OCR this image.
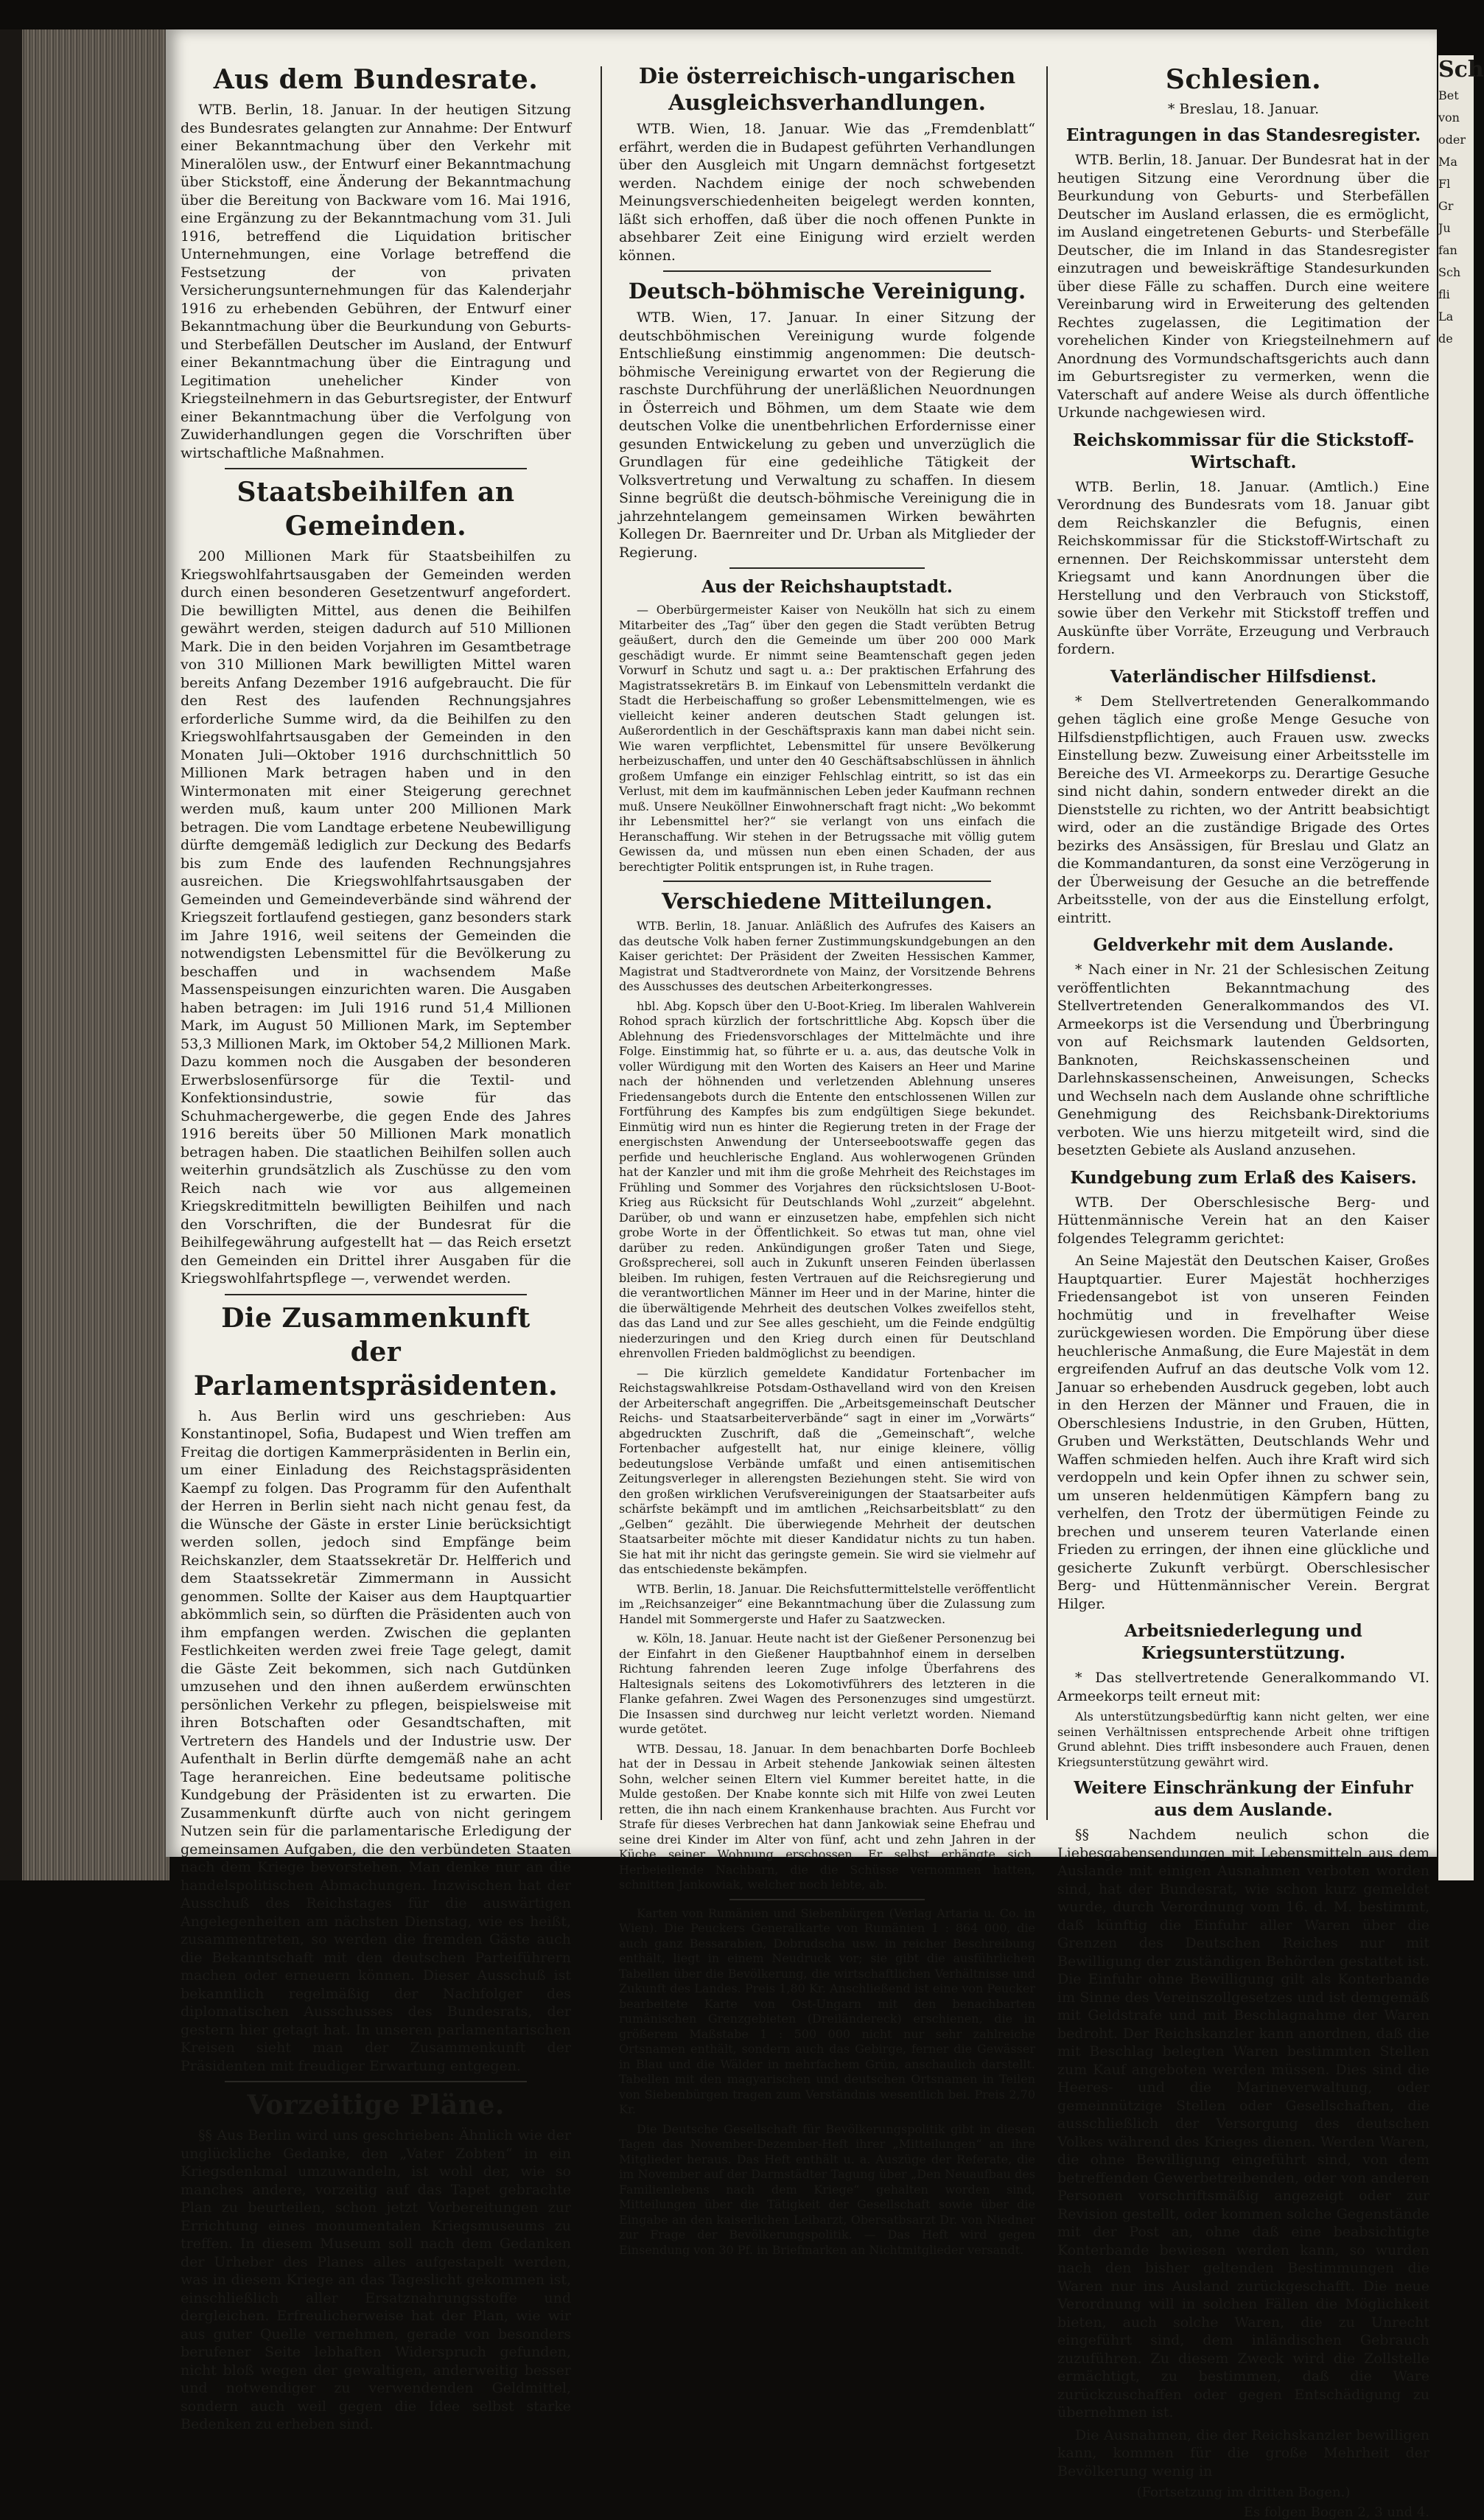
Sch
Bet
von
oder
Ma
Fl
Gr
Ju
fan
Sch
fli
La
de
Aus dem Bundesrate.

WTB. Berlin, 18. Januar. In der heutigen Sitzung des Bundesrates gelangten zur Annahme: Der Entwurf einer Bekanntmachung über den Verkehr mit Mineralölen usw., der Entwurf einer Bekanntmachung über Stickstoff, eine Änderung der Bekanntmachung über die Bereitung von Backware vom 16. Mai 1916, eine Ergänzung zu der Bekanntmachung vom 31. Juli 1916, betreffend die Liquidation britischer Unternehmungen, eine Vorlage betreffend die Festsetzung der von privaten Versicherungsunternehmungen für das Kalenderjahr 1916 zu erhebenden Gebühren, der Entwurf einer Bekanntmachung über die Beurkundung von Geburts- und Sterbefällen Deutscher im Ausland, der Entwurf einer Bekanntmachung über die Eintragung und Legitimation unehelicher Kinder von Kriegsteilnehmern in das Geburtsregister, der Entwurf einer Bekanntmachung über die Verfolgung von Zuwiderhandlungen gegen die Vorschriften über wirtschaftliche Maßnahmen.

Staatsbeihilfen an Gemeinden.

200 Millionen Mark für Staatsbeihilfen zu Kriegswohlfahrtsausgaben der Gemeinden werden durch einen besonderen Gesetzentwurf angefordert. Die bewilligten Mittel, aus denen die Beihilfen gewährt werden, steigen dadurch auf 510 Millionen Mark. Die in den beiden Vorjahren im Gesamtbetrage von 310 Millionen Mark bewilligten Mittel waren bereits Anfang Dezember 1916 aufgebraucht. Die für den Rest des laufenden Rechnungsjahres erforderliche Summe wird, da die Beihilfen zu den Kriegswohlfahrtsausgaben der Gemeinden in den Monaten Juli—Oktober 1916 durchschnittlich 50 Millionen Mark betragen haben und in den Wintermonaten mit einer Steigerung gerechnet werden muß, kaum unter 200 Millionen Mark betragen. Die vom Landtage erbetene Neubewilligung dürfte demgemäß lediglich zur Deckung des Bedarfs bis zum Ende des laufenden Rechnungsjahres ausreichen. Die Kriegswohlfahrtsausgaben der Gemeinden und Gemeindeverbände sind während der Kriegszeit fortlaufend gestiegen, ganz besonders stark im Jahre 1916, weil seitens der Gemeinden die notwendigsten Lebensmittel für die Bevölkerung zu beschaffen und in wachsendem Maße Massenspeisungen einzurichten waren. Die Ausgaben haben betragen: im Juli 1916 rund 51,4 Millionen Mark, im August 50 Millionen Mark, im September 53,3 Millionen Mark, im Oktober 54,2 Millionen Mark. Dazu kommen noch die Ausgaben der besonderen Erwerbslosenfürsorge für die Textil- und Konfektionsindustrie, sowie für das Schuhmachergewerbe, die gegen Ende des Jahres 1916 bereits über 50 Millionen Mark monatlich betragen haben. Die staatlichen Beihilfen sollen auch weiterhin grundsätzlich als Zuschüsse zu den vom Reich nach wie vor aus allgemeinen Kriegskreditmitteln bewilligten Beihilfen und nach den Vorschriften, die der Bundesrat für die Beihilfegewährung aufgestellt hat — das Reich ersetzt den Gemeinden ein Drittel ihrer Ausgaben für die Kriegswohlfahrtspflege —, verwendet werden.

Die Zusammenkunft
der Parlamentspräsidenten.

h. Aus Berlin wird uns geschrieben: Aus Konstantinopel, Sofia, Budapest und Wien treffen am Freitag die dortigen Kammerpräsidenten in Berlin ein, um einer Einladung des Reichstagspräsidenten Kaempf zu folgen. Das Programm für den Aufenthalt der Herren in Berlin sieht nach nicht genau fest, da die Wünsche der Gäste in erster Linie berücksichtigt werden sollen, jedoch sind Empfänge beim Reichskanzler, dem Staatssekretär Dr. Helfferich und dem Staatssekretär Zimmermann in Aussicht genommen. Sollte der Kaiser aus dem Hauptquartier abkömmlich sein, so dürften die Präsidenten auch von ihm empfangen werden. Zwischen die geplanten Festlichkeiten werden zwei freie Tage gelegt, damit die Gäste Zeit bekommen, sich nach Gutdünken umzusehen und den ihnen außerdem erwünschten persönlichen Verkehr zu pflegen, beispielsweise mit ihren Botschaften oder Gesandtschaften, mit Vertretern des Handels und der Industrie usw. Der Aufenthalt in Berlin dürfte demgemäß nahe an acht Tage heranreichen. Eine bedeutsame politische Kundgebung der Präsidenten ist zu erwarten. Die Zusammenkunft dürfte auch von nicht geringem Nutzen sein für die parlamentarische Erledigung der gemeinsamen Aufgaben, die den verbündeten Staaten nach dem Kriege bevorstehen. Man denke nur an die handelspolitischen Abmachungen. Inzwischen hat der Ausschuß des Reichstages für die auswärtigen Angelegenheiten am nächsten Dienstag, wie es heißt, zusammentreten, so werden die fremden Gäste auch die Bekanntschaft mit den deutschen Parteiführern machen oder erneuern können. Dieser Ausschuß ist bekanntlich regelmäßig der Nachfolger des diplomatischen Ausschusses des Bundesrats, der gestern hier getagt hat. In unseren parlamentarischen Kreisen sieht man der Zusammenkunft der Präsidenten mit freudiger Erwartung entgegen.

Vorzeitige Pläne.

§§ Aus Berlin wird uns geschrieben: Ähnlich wie der unglückliche Gedanke, den „Vater Zobten“ in ein Kriegsdenkmal umzuwandeln, ist wohl der, wie so manches andere, vorzeitig auf das Tapet gebrachte Plan zu beurteilen, schon jetzt Vorbereitungen zur Errichtung eines monumentalen Kriegsmuseums zu treffen. In diesem Museum soll nach dem Gedanken der Urheber des Planes alles aufgestapelt werden, was in diesem Kriege an das Tageslicht gekommen ist, einschließlich aller Ersatznahrungsstoffe und dergleichen. Erfreulicherweise hat der Plan, wie wir aus guter Quelle vernehmen, gerade von besonders berufener Seite lebhaften Widerspruch gefunden, nicht bloß wegen der gewaltigen, anderweitig besser und notwendiger zu verwendenden Geldmittel, sondern auch weil gegen die Idee selbst starke Bedenken zu erheben sind.

Die österreichisch-ungarischen
Ausgleichsverhandlungen.

WTB. Wien, 18. Januar. Wie das „Fremdenblatt“ erfährt, werden die in Budapest geführten Verhandlungen über den Ausgleich mit Ungarn demnächst fortgesetzt werden. Nachdem einige der noch schwebenden Meinungsverschiedenheiten beigelegt werden konnten, läßt sich erhoffen, daß über die noch offenen Punkte in absehbarer Zeit eine Einigung wird erzielt werden können.

Deutsch-böhmische Vereinigung.

WTB. Wien, 17. Januar. In einer Sitzung der deutschböhmischen Vereinigung wurde folgende Entschließung einstimmig angenommen: Die deutsch-böhmische Vereinigung erwartet von der Regierung die raschste Durchführung der unerläßlichen Neuordnungen in Österreich und Böhmen, um dem Staate wie dem deutschen Volke die unentbehrlichen Erfordernisse einer gesunden Entwickelung zu geben und unverzüglich die Grundlagen für eine gedeihliche Tätigkeit der Volksvertretung und Verwaltung zu schaffen. In diesem Sinne begrüßt die deutsch-böhmische Vereinigung die in jahrzehntelangem gemeinsamen Wirken bewährten Kollegen Dr. Baernreiter und Dr. Urban als Mitglieder der Regierung.

Aus der Reichshauptstadt.

— Oberbürgermeister Kaiser von Neukölln hat sich zu einem Mitarbeiter des „Tag“ über den gegen die Stadt verübten Betrug geäußert, durch den die Gemeinde um über 200 000 Mark geschädigt wurde. Er nimmt seine Beamtenschaft gegen jeden Vorwurf in Schutz und sagt u. a.: Der praktischen Erfahrung des Magistratssekretärs B. im Einkauf von Lebensmitteln verdankt die Stadt die Herbeischaffung so großer Lebensmittelmengen, wie es vielleicht keiner anderen deutschen Stadt gelungen ist. Außerordentlich in der Geschäftspraxis kann man dabei nicht sein. Wie waren verpflichtet, Lebensmittel für unsere Bevölkerung herbeizuschaffen, und unter den 40 Geschäftsabschlüssen in ähnlich großem Umfange ein einziger Fehlschlag eintritt, so ist das ein Verlust, mit dem im kaufmännischen Leben jeder Kaufmann rechnen muß. Unsere Neuköllner Einwohnerschaft fragt nicht: „Wo bekommt ihr Lebensmittel her?“ sie verlangt von uns einfach die Heranschaffung. Wir stehen in der Betrugssache mit völlig gutem Gewissen da, und müssen nun eben einen Schaden, der aus berechtigter Politik entsprungen ist, in Ruhe tragen.

Verschiedene Mitteilungen.

WTB. Berlin, 18. Januar. Anläßlich des Aufrufes des Kaisers an das deutsche Volk haben ferner Zustimmungskundgebungen an den Kaiser gerichtet: Der Präsident der Zweiten Hessischen Kammer, Magistrat und Stadtverordnete von Mainz, der Vorsitzende Behrens des Ausschusses des deutschen Arbeiterkongresses.

hbl. Abg. Kopsch über den U-Boot-Krieg. Im liberalen Wahlverein Rohod sprach kürzlich der fortschrittliche Abg. Kopsch über die Ablehnung des Friedensvorschlages der Mittelmächte und ihre Folge. Einstimmig hat, so führte er u. a. aus, das deutsche Volk in voller Würdigung mit den Worten des Kaisers an Heer und Marine nach der höhnenden und verletzenden Ablehnung unseres Friedensangebots durch die Entente den entschlossenen Willen zur Fortführung des Kampfes bis zum endgültigen Siege bekundet. Einmütig wird nun es hinter die Regierung treten in der Frage der energischsten Anwendung der Unterseebootswaffe gegen das perfide und heuchlerische England. Aus wohlerwogenen Gründen hat der Kanzler und mit ihm die große Mehrheit des Reichstages im Frühling und Sommer des Vorjahres den rücksichtslosen U-Boot-Krieg aus Rücksicht für Deutschlands Wohl „zurzeit“ abgelehnt. Darüber, ob und wann er einzusetzen habe, empfehlen sich nicht grobe Worte in der Öffentlichkeit. So etwas tut man, ohne viel darüber zu reden. Ankündigungen großer Taten und Siege, Großsprecherei, soll auch in Zukunft unseren Feinden überlassen bleiben. Im ruhigen, festen Vertrauen auf die Reichsregierung und die verantwortlichen Männer im Heer und in der Marine, hinter die die überwältigende Mehrheit des deutschen Volkes zweifellos steht, das das Land und zur See alles geschieht, um die Feinde endgültig niederzuringen und den Krieg durch einen für Deutschland ehrenvollen Frieden baldmöglichst zu beendigen.

— Die kürzlich gemeldete Kandidatur Fortenbacher im Reichstagswahlkreise Potsdam-Osthavelland wird von den Kreisen der Arbeiterschaft angegriffen. Die „Arbeitsgemeinschaft Deutscher Reichs- und Staatsarbeiterverbände“ sagt in einer im „Vorwärts“ abgedruckten Zuschrift, daß die „Gemeinschaft“, welche Fortenbacher aufgestellt hat, nur einige kleinere, völlig bedeutungslose Verbände umfaßt und einen antisemitischen Zeitungsverleger in allerengsten Beziehungen steht. Sie wird von den großen wirklichen Verufsvereinigungen der Staatsarbeiter aufs schärfste bekämpft und im amtlichen „Reichsarbeitsblatt“ zu den „Gelben“ gezählt. Die überwiegende Mehrheit der deutschen Staatsarbeiter möchte mit dieser Kandidatur nichts zu tun haben. Sie hat mit ihr nicht das geringste gemein. Sie wird sie vielmehr auf das entschiedenste bekämpfen.

WTB. Berlin, 18. Januar. Die Reichsfuttermittelstelle veröffentlicht im „Reichsanzeiger“ eine Bekanntmachung über die Zulassung zum Handel mit Sommergerste und Hafer zu Saatzwecken.

w. Köln, 18. Januar. Heute nacht ist der Gießener Personenzug bei der Einfahrt in den Gießener Hauptbahnhof einem in derselben Richtung fahrenden leeren Zuge infolge Überfahrens des Haltesignals seitens des Lokomotivführers des letzteren in die Flanke gefahren. Zwei Wagen des Personenzuges sind umgestürzt. Die Insassen sind durchweg nur leicht verletzt worden. Niemand wurde getötet.

WTB. Dessau, 18. Januar. In dem benachbarten Dorfe Bochleeb hat der in Dessau in Arbeit stehende Jankowiak seinen ältesten Sohn, welcher seinen Eltern viel Kummer bereitet hatte, in die Mulde gestoßen. Der Knabe konnte sich mit Hilfe von zwei Leuten retten, die ihn nach einem Krankenhause brachten. Aus Furcht vor Strafe für dieses Verbrechen hat dann Jankowiak seine Ehefrau und seine drei Kinder im Alter von fünf, acht und zehn Jahren in der Küche seiner Wohnung erschossen. Er selbst erhängte sich. Herbeieilende Nachbarn, die die Schüsse vernommen hatten, schnitten Jankowiak, welcher noch lebte, ab.

Karten von Rumänien und Siebenbürgen (Verlag Artaria u. Co. in Wien). Die Peuckers Generalkarte von Rumänien 1 : 864 000, die auch ganz Bessarabien, Dobrudscha usw. in reicher Beschreibung enthält, liegt in einem Neudruck vor; sie gibt die ausführlichen Tabellen über die Bevölkerung, die wirtschaftlichen Verhältnisse und Zukunft des Landes. Preis 1,80 Kr. Anschließend ist eine von Peucker bearbeitete Karte von Ost-Ungarn mit den benachbarten rumänischen Grenzgebieten (Dreiländereck) erschienen, die in größerem Maßstabe 1 : 500 000 nicht nur sehr zahlreiche Ortsnamen enthält, sondern auch das Gebirge, ferner die Gewässer in Blau und die Wälder in mehrfachem Grün, anschaulich darstellt. Tabellen mit den magyarischen und deutschen Ortsnamen in Teilen von Siebenbürgen tragen zum Verständnis wesentlich bei. Preis 2,70 Kr.

Die Deutsche Gesellschaft für Bevölkerungspolitik gibt in diesen Tagen das November-Dezember-Heft ihrer „Mitteilungen“ an ihre Mitglieder heraus. Das Heft enthält u. a. Auszüge der Referate, die im November auf der Darmstädter Tagung über „Den Neuaufbau des Familienlebens nach dem Kriege“ gehalten worden sind, Mitteilungen über die Tätigkeit der Gesellschaft sowie über die Eingabe an den kaiserlichen Leibarzt, Obersatbsarzt Dr. von Niedner zur Frage der Bevölkerungspolitik. — Das Heft wird gegen Einsendung von 30 Pf. in Briefmarken an Nichtmitglieder versandt.

Schlesien.
* Breslau, 18. Januar.
Eintragungen in das Standesregister.

WTB. Berlin, 18. Januar. Der Bundesrat hat in der heutigen Sitzung eine Verordnung über die Beurkundung von Geburts- und Sterbefällen Deutscher im Ausland erlassen, die es ermöglicht, im Ausland eingetretenen Geburts- und Sterbefälle Deutscher, die im Inland in das Standesregister einzutragen und beweiskräftige Standesurkunden über diese Fälle zu schaffen. Durch eine weitere Vereinbarung wird in Erweiterung des geltenden Rechtes zugelassen, die Legitimation der vorehelichen Kinder von Kriegsteilnehmern auf Anordnung des Vormundschaftsgerichts auch dann im Geburtsregister zu vermerken, wenn die Vaterschaft auf andere Weise als durch öffentliche Urkunde nachgewiesen wird.

Reichskommissar für die Stickstoff-Wirtschaft.

WTB. Berlin, 18. Januar. (Amtlich.) Eine Verordnung des Bundesrats vom 18. Januar gibt dem Reichskanzler die Befugnis, einen Reichskommissar für die Stickstoff-Wirtschaft zu ernennen. Der Reichskommissar untersteht dem Kriegsamt und kann Anordnungen über die Herstellung und den Verbrauch von Stickstoff, sowie über den Verkehr mit Stickstoff treffen und Auskünfte über Vorräte, Erzeugung und Verbrauch fordern.

Vaterländischer Hilfsdienst.

* Dem Stellvertretenden Generalkommando gehen täglich eine große Menge Gesuche von Hilfsdienstpflichtigen, auch Frauen usw. zwecks Einstellung bezw. Zuweisung einer Arbeitsstelle im Bereiche des VI. Armeekorps zu. Derartige Gesuche sind nicht dahin, sondern entweder direkt an die Dienststelle zu richten, wo der Antritt beabsichtigt wird, oder an die zuständige Brigade des Ortes bezirks des Ansässigen, für Breslau und Glatz an die Kommandanturen, da sonst eine Verzögerung in der Überweisung der Gesuche an die betreffende Arbeitsstelle, von der aus die Einstellung erfolgt, eintritt.

Geldverkehr mit dem Auslande.

* Nach einer in Nr. 21 der Schlesischen Zeitung veröffentlichten Bekanntmachung des Stellvertretenden Generalkommandos des VI. Armeekorps ist die Versendung und Überbringung von auf Reichsmark lautenden Geldsorten, Banknoten, Reichskassenscheinen und Darlehnskassenscheinen, Anweisungen, Schecks und Wechseln nach dem Auslande ohne schriftliche Genehmigung des Reichsbank-Direktoriums verboten. Wie uns hierzu mitgeteilt wird, sind die besetzten Gebiete als Ausland anzusehen.

Kundgebung zum Erlaß des Kaisers.

WTB. Der Oberschlesische Berg- und Hüttenmännische Verein hat an den Kaiser folgendes Telegramm gerichtet:

An Seine Majestät den Deutschen Kaiser, Großes Hauptquartier. Eurer Majestät hochherziges Friedensangebot ist von unseren Feinden hochmütig und in frevelhafter Weise zurückgewiesen worden. Die Empörung über diese heuchlerische Anmaßung, die Eure Majestät in dem ergreifenden Aufruf an das deutsche Volk vom 12. Januar so erhebenden Ausdruck gegeben, lobt auch in den Herzen der Männer und Frauen, die in Oberschlesiens Industrie, in den Gruben, Hütten, Gruben und Werkstätten, Deutschlands Wehr und Waffen schmieden helfen. Auch ihre Kraft wird sich verdoppeln und kein Opfer ihnen zu schwer sein, um unseren heldenmütigen Kämpfern bang zu verhelfen, den Trotz der übermütigen Feinde zu brechen und unserem teuren Vaterlande einen Frieden zu erringen, der ihnen eine glückliche und gesicherte Zukunft verbürgt. Oberschlesischer Berg- und Hüttenmännischer Verein. Bergrat Hilger.

Arbeitsniederlegung und Kriegsunterstützung.

* Das stellvertretende Generalkommando VI. Armeekorps teilt erneut mit:

Als unterstützungsbedürftig kann nicht gelten, wer eine seinen Verhältnissen entsprechende Arbeit ohne triftigen Grund ablehnt. Dies trifft insbesondere auch Frauen, denen Kriegsunterstützung gewährt wird.

Weitere Einschränkung der Einfuhr aus dem Auslande.

§§ Nachdem neulich schon die Liebesgabensendungen mit Lebensmitteln aus dem Auslande mit einigen Ausnahmen verboten worden sind, hat der Bundesrat, wie schon kurz gemeldet wurde, durch Verordnung vom 16. d. M. bestimmt, daß künftig die Einfuhr aller Waren über die Grenzen des Deutschen Reiches nur mit Bewilligung der zuständigen Behörden gestattet ist. Die Einfuhr ohne Bewilligung gilt als Konterbande im Sinne des Vereinszollgesetzes und ist demgemäß mit Geldstrafe und mit Beschlagnahme der Waren bedroht. Der Reichskanzler kann anordnen, daß die mit Beschlag belegten Waren bestimmten Stellen zum Kauf angeboten werden müssen. Dies sind die Heeres- und die Marineverwaltung, oder gemeinnützige Stellen oder Gesellschaften, die ausschließlich der Versorgung des deutschen Volkes während des Krieges dienen. Werden Waren, die ohne Bewilligung eingeführt sind, von dem betreffenden Gewerbetreibenden, oder von anderen Personen vorschriftsmäßig angezeigt oder zur Revision gestellt, oder kommen solche Gegenstände mit der Post an, ohne daß eine beabsichtigte Konterbande bewiesen werden kann, so wurden nach den bisher geltenden Bestimmungen die Waren nur ins Ausland zurückgeschafft. Die neue Verordnung will in solchen Fällen die Möglichkeit bieten, auch solche Waren, die zu Unrecht eingeführt sind, dem inländischen Gebrauch zuzuführen. Zu diesem Zweck wird die Zollstelle ermächtigt, zu bestimmen, daß die Ware zurückzuschaffen oder gegen Entschädigung zu übernehmen ist.

Die Ausnahmen, die der Reichskanzler bewilligen kann, kommen für die große Mehrheit der Bevölkerung wenig in

(Fortsetzung im dritten Bogen.)
Es folgen Bogen 2, 3 und 4.
